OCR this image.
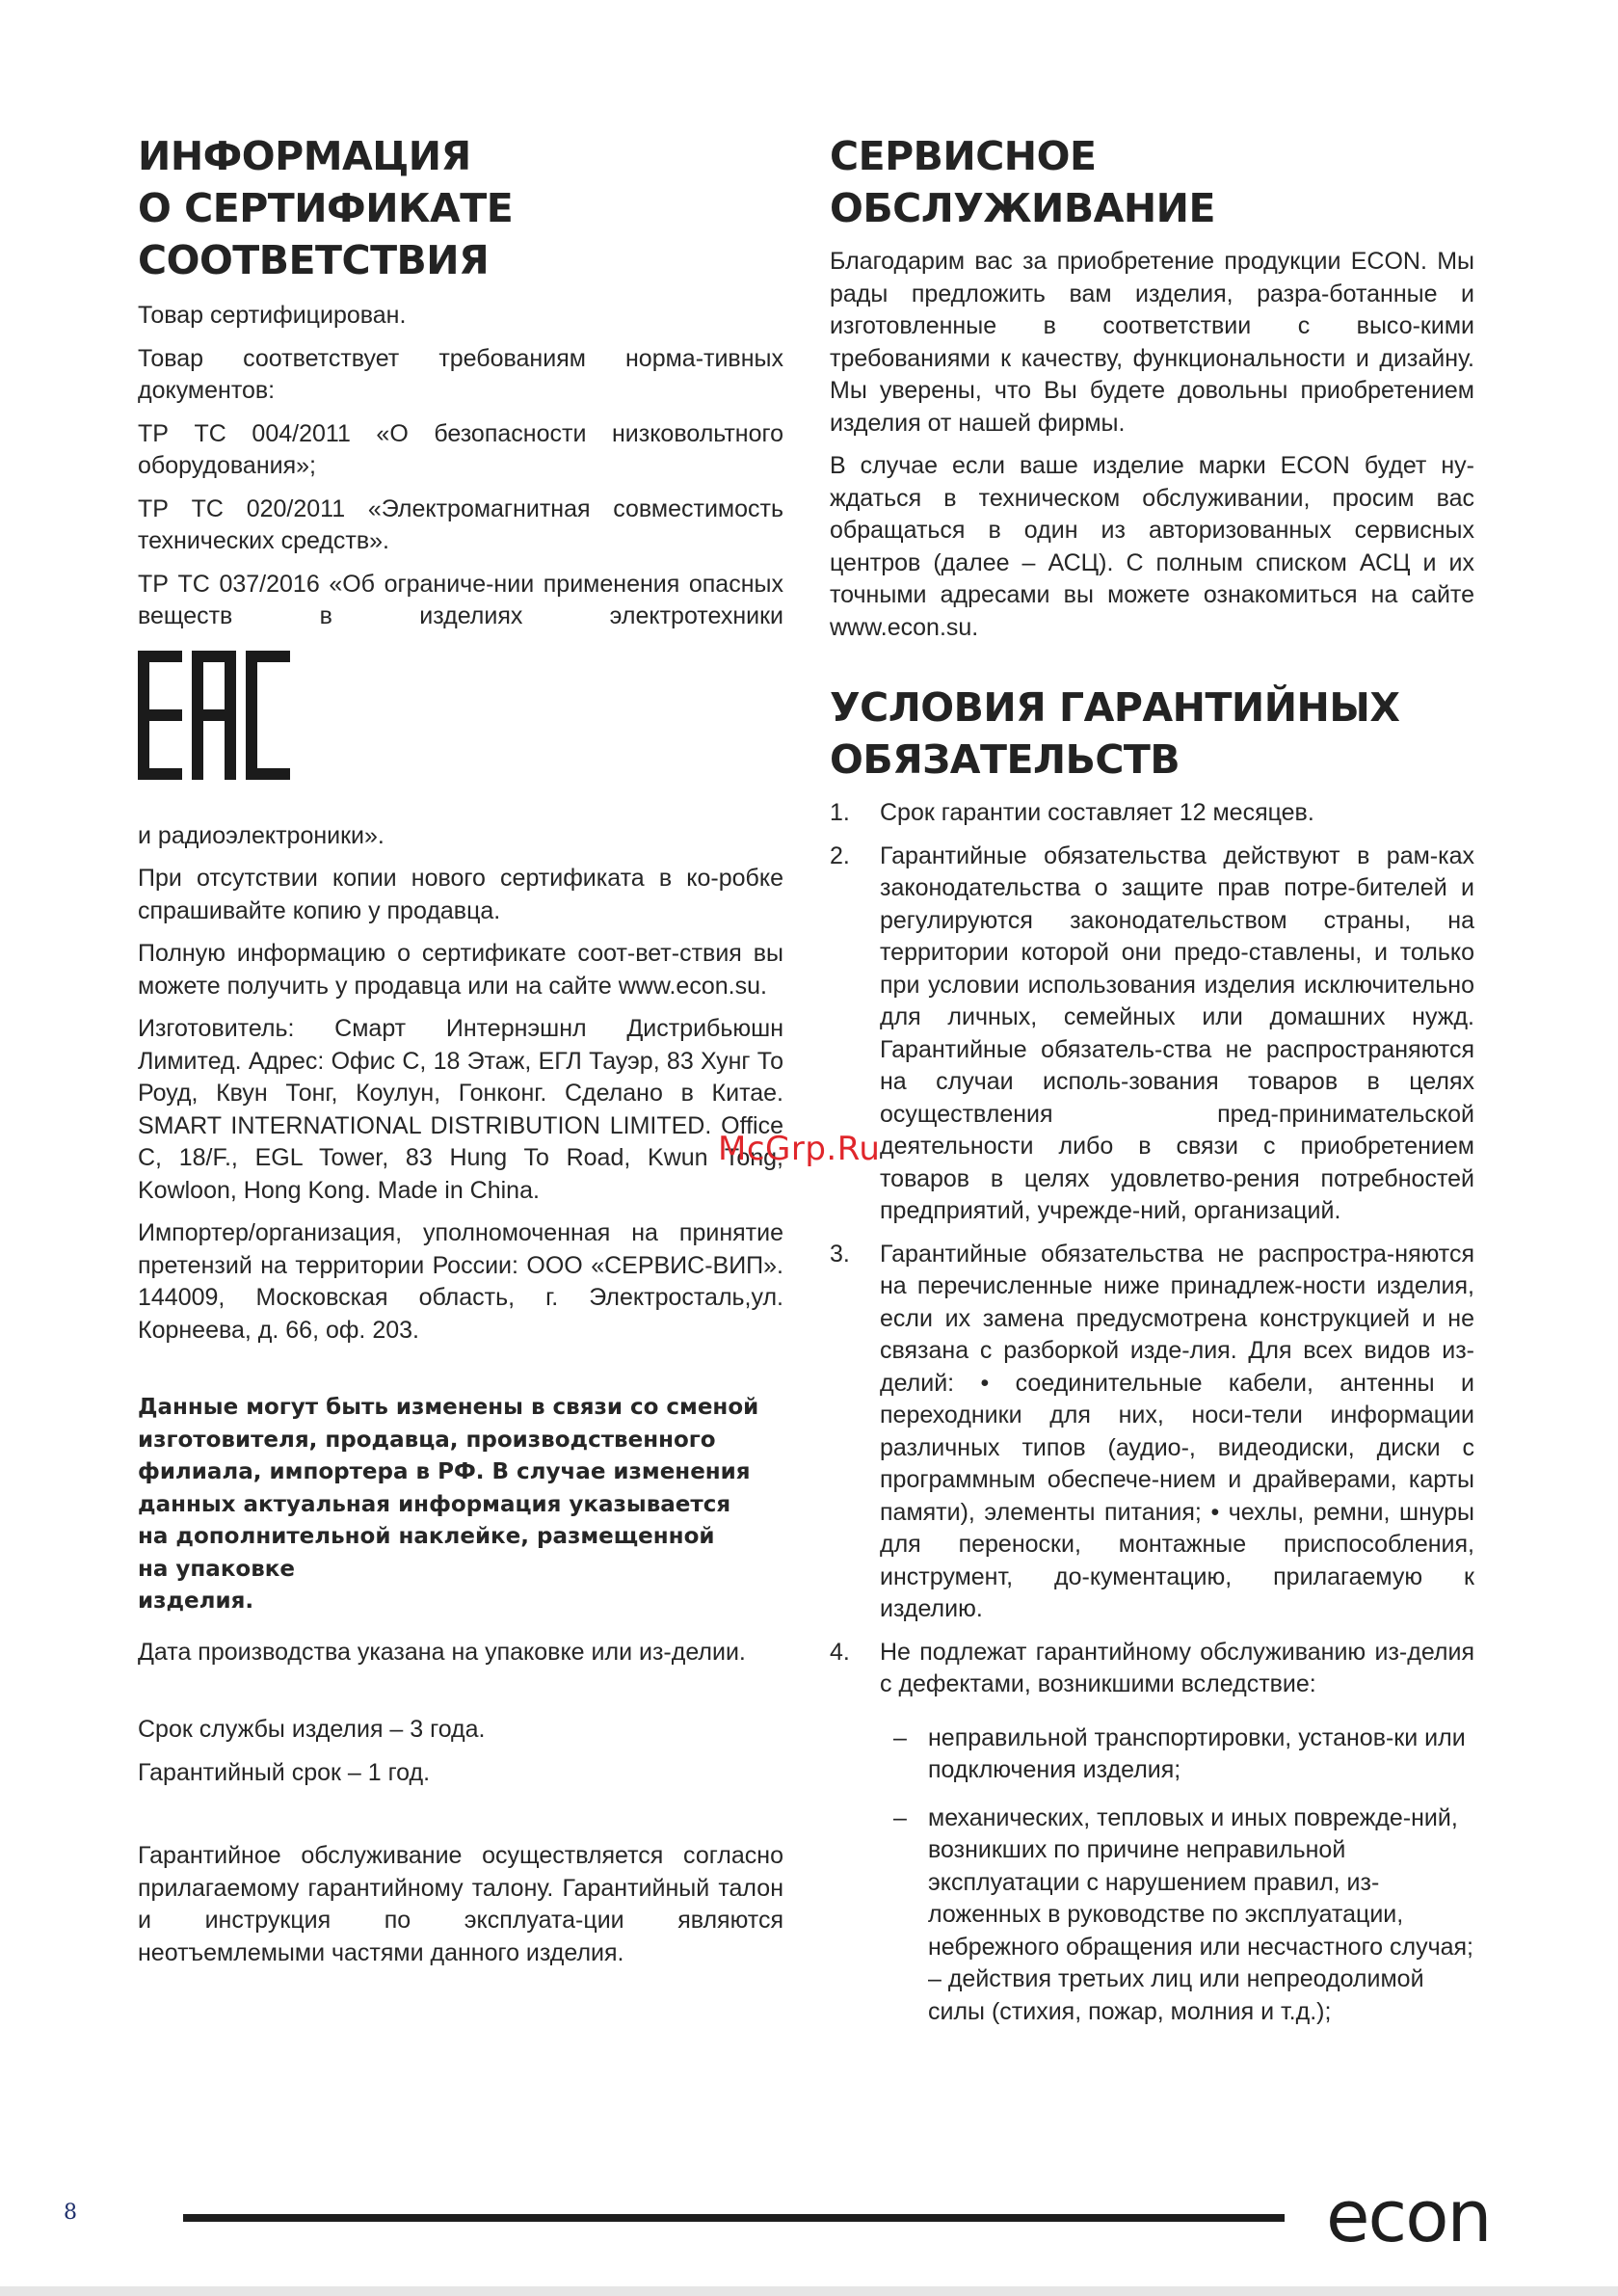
ИНФОРМАЦИЯ
О СЕРТИФИКАТЕ
СООТВЕТСТВИЯ

Товар сертифицирован.

Товар соответствует требованиям норма-тивных документов:

ТР ТС 004/2011 «О безопасности низковольтного оборудования»;

ТР ТС 020/2011 «Электромагнитная совместимость технических средств».

ТР ТС 037/2016 «Об ограниче-нии применения опасных веществ в изделиях электротехники

и радиоэлектроники».

При отсутствии копии нового сертификата в ко-робке спрашивайте копию у продавца.

Полную информацию о сертификате соот-вет-ствия вы можете получить у продавца или на сайте www.econ.su.

Изготовитель: Смарт Интернэшнл Дистрибьюшн Лимитед. Адрес: Офис С, 18 Этаж, ЕГЛ Тауэр, 83 Хунг То Роуд, Квун Тонг, Коулун, Гонконг. Сделано в Китае. SMART INTERNATIONAL DISTRIBUTION LIMITED. Office C, 18/F., EGL Tower, 83 Hung To Road, Kwun Tong, Kowloon, Hong Kong. Made in China.

Импортер/организация, уполномоченная на принятие претензий на территории России: ООО «СЕРВИС-ВИП». 144009, Московская область, г. Электросталь,ул. Корнеева, д. 66, оф. 203.

Данные могут быть изменены в связи со сменой
изготовителя, продавца, производственного
филиала, импортера в РФ. В случае изменения
данных актуальная информация указывается
на дополнительной наклейке, размещенной
на упаковке
изделия.

Дата производства указана на упаковке или из-делии.

Срок службы изделия – 3 года.

Гарантийный срок – 1 год.

Гарантийное обслуживание осуществляется согласно прилагаемому гарантийному талону. Гарантийный талон и инструкция по эксплуата-ции являются неотъемлемыми частями данного изделия.

СЕРВИСНОЕ ОБСЛУЖИВАНИЕ

Благодарим вас за приобретение продукции ECON. Мы рады предложить вам изделия, разра-ботанные и изготовленные в соответствии с высо-кими требованиями к качеству, функциональности и дизайну. Мы уверены, что Вы будете довольны приобретением изделия от нашей фирмы.

В случае если ваше изделие марки ECON будет ну-ждаться в техническом обслуживании, просим вас обращаться в один из авторизованных сервисных центров (далее – АСЦ). С полным списком АСЦ и их точными адресами вы можете ознакомиться на сайте www.econ.su.

УСЛОВИЯ ГАРАНТИЙНЫХ
ОБЯЗАТЕЛЬСТВ
1. Срок гарантии составляет 12 месяцев.
2. Гарантийные обязательства действуют в рам-ках законодательства о защите прав потре-бителей и регулируются законодательством страны, на территории которой они предо-ставлены, и только при условии использования изделия исключительно для личных, семейных или домашних нужд. Гарантийные обязатель-ства не распространяются на случаи исполь-зования товаров в целях осуществления пред-принимательской деятельности либо в связи с приобретением товаров в целях удовлетво-рения потребностей предприятий, учрежде-ний, организаций.
3. Гарантийные обязательства не распростра-няются на перечисленные ниже принадлеж-ности изделия, если их замена предусмотрена конструкцией и не связана с разборкой изде-лия. Для всех видов из-делий: • соединительные кабели, антенны и переходники для них, носи-тели информации различных типов (аудио-, видеодиски, диски с программным обеспече-нием и драйверами, карты памяти), элементы питания; • чехлы, ремни, шнуры для переноски, монтажные приспособления, инструмент, до-кументацию, прилагаемую к изделию.
4. Не подлежат гарантийному обслуживанию из-делия с дефектами, возникшими вследствие:
– неправильной транспортировки, установ-ки или подключения изделия;
– механических, тепловых и иных поврежде-ний, возникших по причине неправильной эксплуатации с нарушением правил, из-ложенных в руководстве по эксплуатации, небрежного обращения или несчастного случая; – действия третьих лиц или непреодолимой силы (стихия, пожар, молния и т.д.);
McGrp.Ru
8	econ
